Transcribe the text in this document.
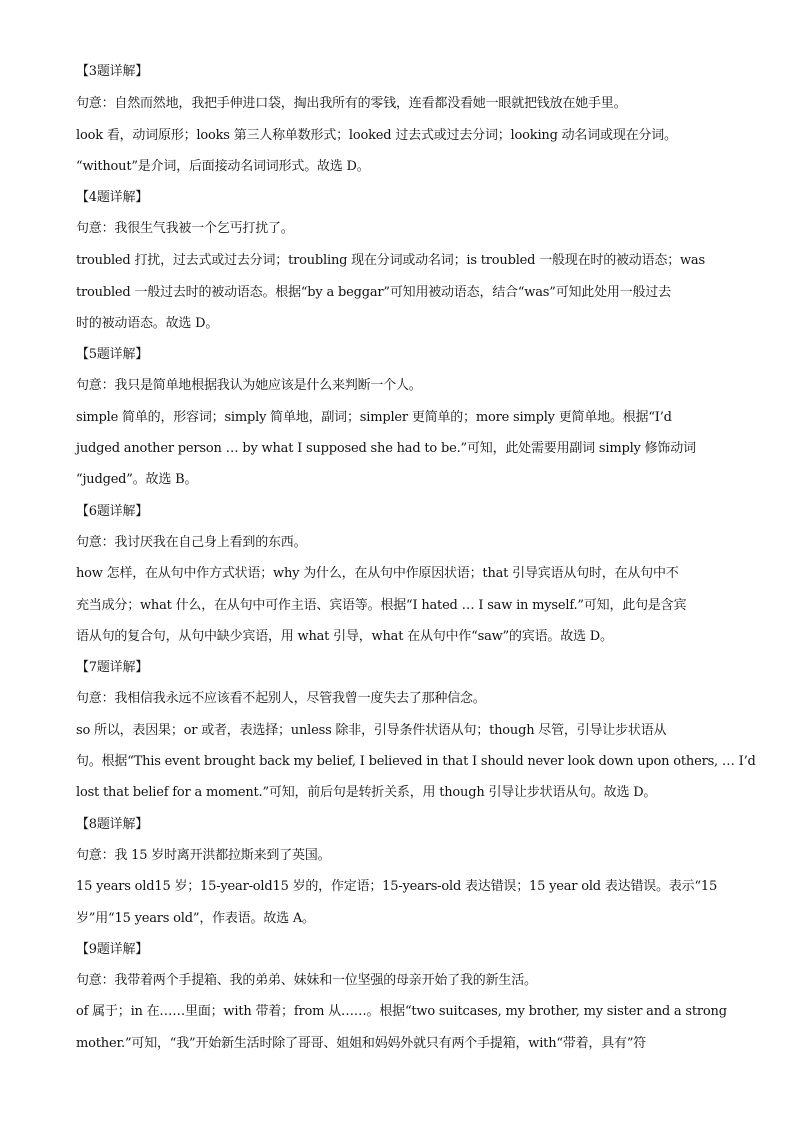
【3题详解】
句意：自然而然地，我把手伸进口袋，掏出我所有的零钱，连看都没看她一眼就把钱放在她手里。
look 看，动词原形；looks 第三人称单数形式；looked 过去式或过去分词；looking 动名词或现在分词。
“without”是介词，后面接动名词词形式。故选 D。
【4题详解】
句意：我很生气我被一个乞丐打扰了。
troubled 打扰，过去式或过去分词；troubling 现在分词或动名词；is troubled 一般现在时的被动语态；was
troubled 一般过去时的被动语态。根据“by a beggar”可知用被动语态，结合“was”可知此处用一般过去
时的被动语态。故选 D。
【5题详解】
句意：我只是简单地根据我认为她应该是什么来判断一个人。
simple 简单的，形容词；simply 简单地，副词；simpler 更简单的；more simply 更简单地。根据“I’d
judged another person … by what I supposed she had to be.”可知，此处需要用副词 simply 修饰动词
“judged”。故选 B。
【6题详解】
句意：我讨厌我在自己身上看到的东西。
how 怎样，在从句中作方式状语；why 为什么，在从句中作原因状语；that 引导宾语从句时，在从句中不
充当成分；what 什么，在从句中可作主语、宾语等。根据“I hated … I saw in myself.”可知，此句是含宾
语从句的复合句，从句中缺少宾语，用 what 引导，what 在从句中作“saw”的宾语。故选 D。
【7题详解】
句意：我相信我永远不应该看不起别人，尽管我曾一度失去了那种信念。
so 所以，表因果；or 或者，表选择；unless 除非，引导条件状语从句；though 尽管，引导让步状语从
句。根据“This event brought back my belief, I believed in that I should never look down upon others, … I’d
lost that belief for a moment.”可知，前后句是转折关系，用 though 引导让步状语从句。故选 D。
【8题详解】
句意：我 15 岁时离开洪都拉斯来到了英国。
15 years old15 岁；15-year-old15 岁的，作定语；15-years-old 表达错误；15 year old 表达错误。表示“15
岁”用“15 years old”，作表语。故选 A。
【9题详解】
句意：我带着两个手提箱、我的弟弟、妹妹和一位坚强的母亲开始了我的新生活。
of 属于；in 在……里面；with 带着；from 从……。根据“two suitcases, my brother, my sister and a strong
mother.”可知，“我”开始新生活时除了哥哥、姐姐和妈妈外就只有两个手提箱，with“带着，具有”符
